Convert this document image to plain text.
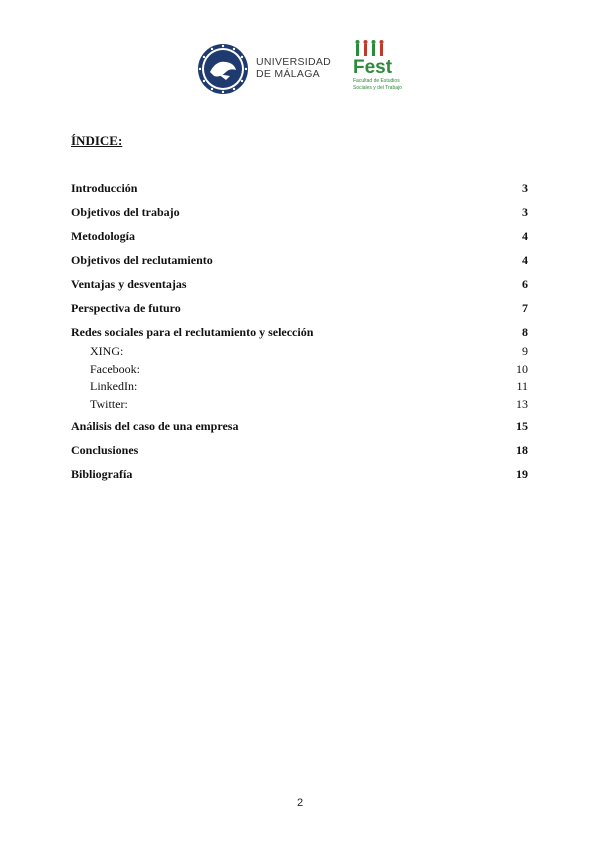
UNIVERSIDAD
DE MÁLAGA	Fest
Facultad de Estudios
Sociales y del Trabajo
ÍNDICE:
Introducción	3
Objetivos del trabajo	3
Metodología	4
Objetivos del reclutamiento	4
Ventajas y desventajas	6
Perspectiva de futuro	7
Redes sociales para el reclutamiento y selección	8
XING:	9
Facebook:	10
LinkedIn:	11
Twitter:	13
Análisis del caso de una empresa	15
Conclusiones	18
Bibliografía	19
2
